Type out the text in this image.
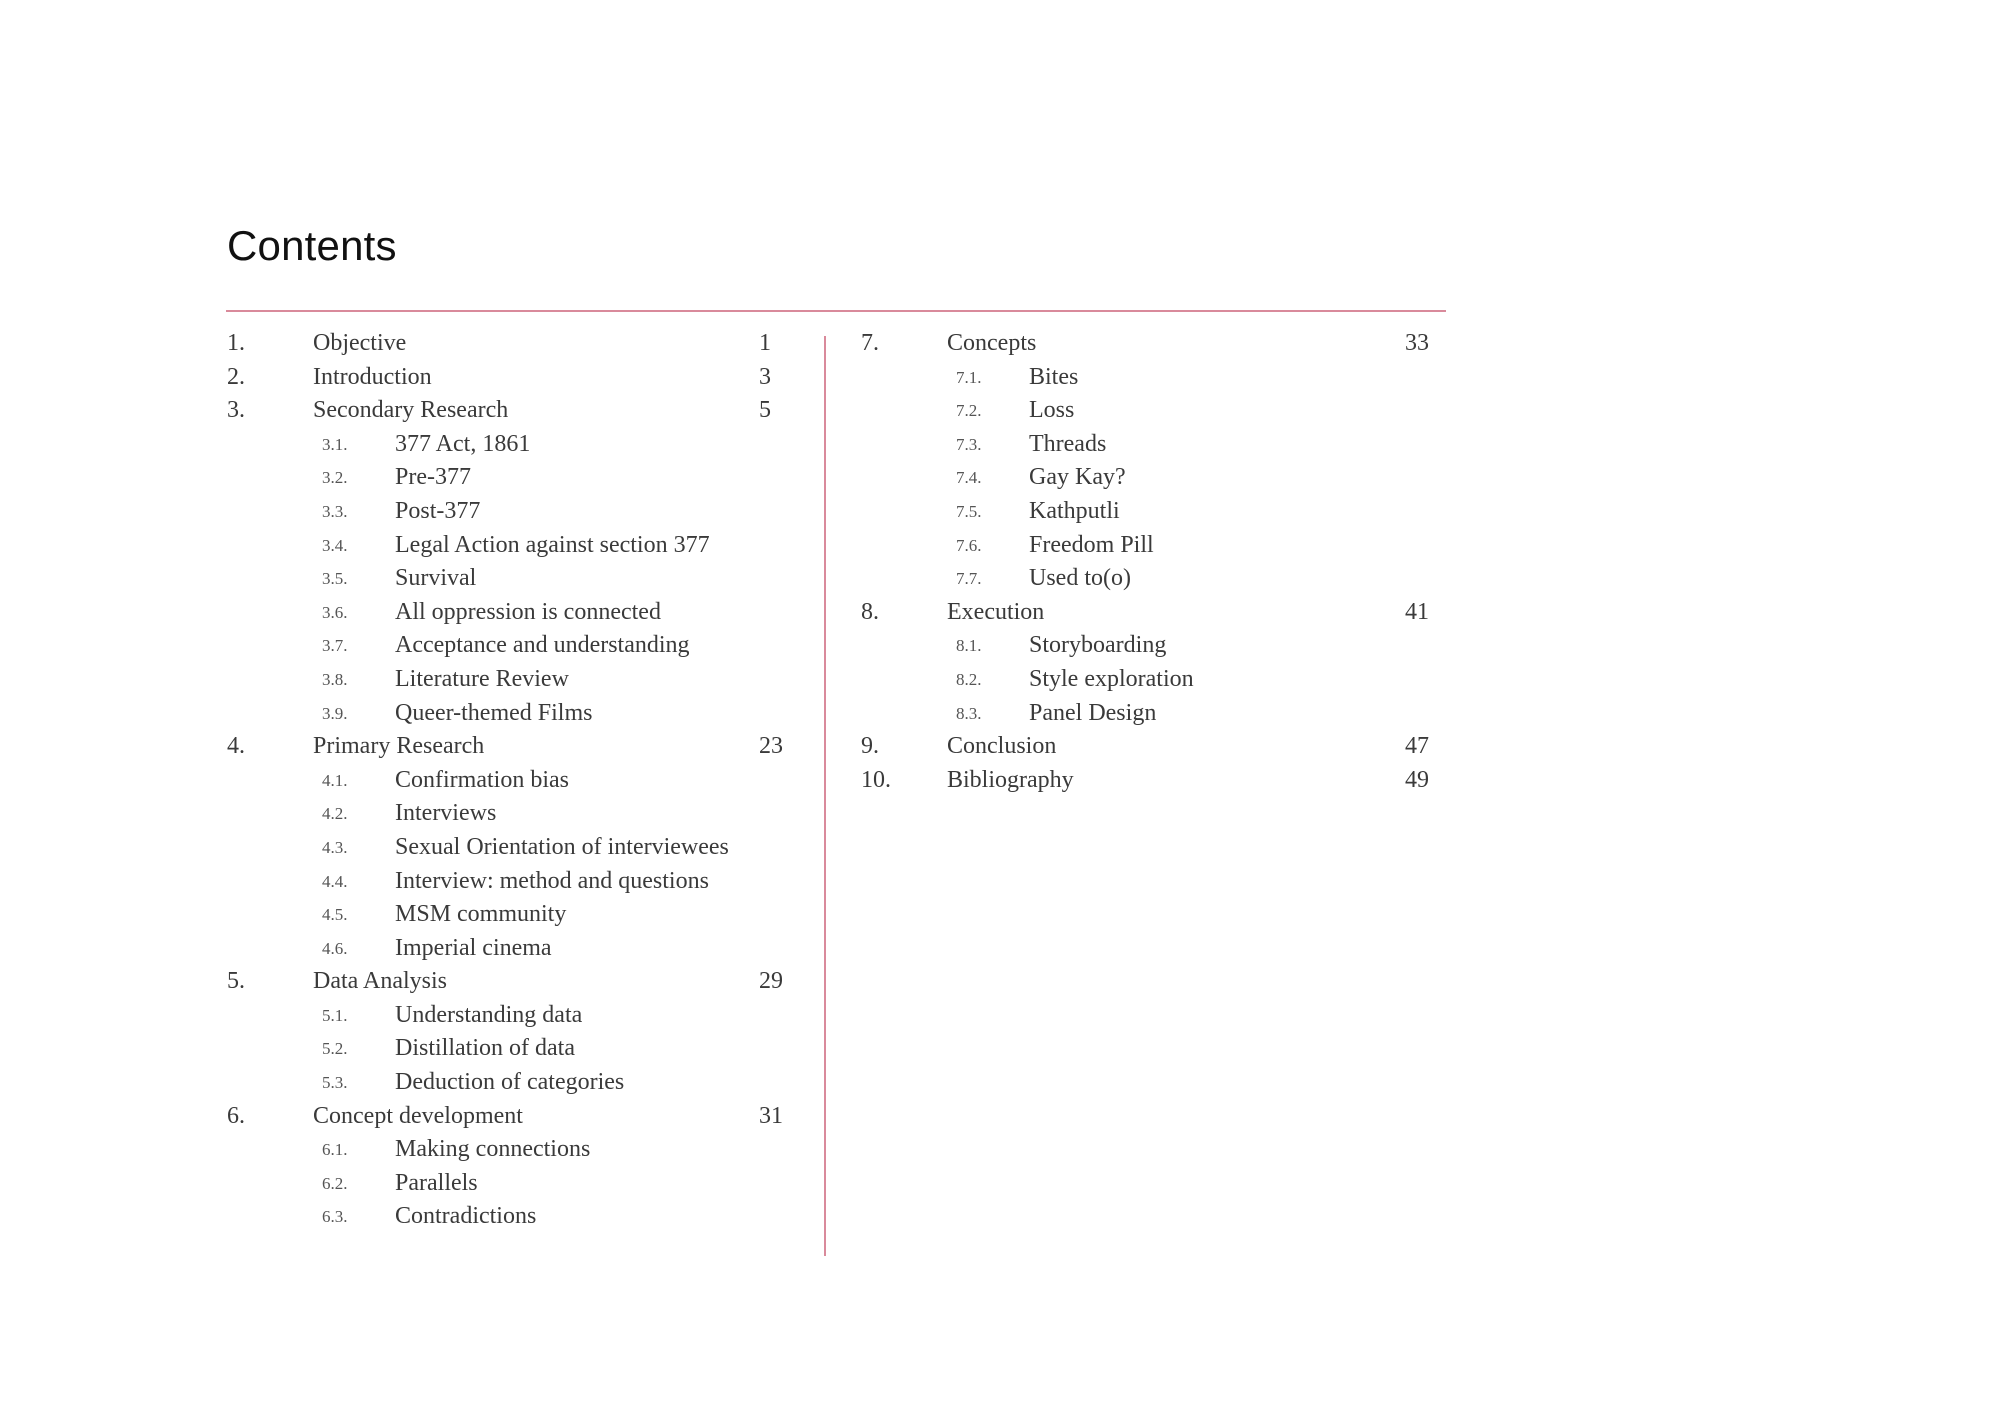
Contents
1.	Objective	1
2.	Introduction	3
3.	Secondary Research	5
3.1. 377 Act, 1861
3.2. Pre-377
3.3. Post-377
3.4. Legal Action against section 377
3.5. Survival
3.6. All oppression is connected
3.7. Acceptance and understanding
3.8. Literature Review
3.9. Queer-themed Films
4.	Primary Research	23
4.1. Confirmation bias
4.2. Interviews
4.3. Sexual Orientation of interviewees
4.4. Interview: method and questions
4.5. MSM community
4.6. Imperial cinema
5.	Data Analysis	29
5.1. Understanding data
5.2. Distillation of data
5.3. Deduction of categories
6.	Concept development	31
6.1. Making connections
6.2. Parallels
6.3. Contradictions
7.	Concepts	33
7.1. Bites
7.2. Loss
7.3. Threads
7.4. Gay Kay?
7.5. Kathputli
7.6. Freedom Pill
7.7. Used to(o)
8.	Execution	41
8.1. Storyboarding
8.2. Style exploration
8.3. Panel Design
9.	Conclusion	47
10. Bibliography	49
